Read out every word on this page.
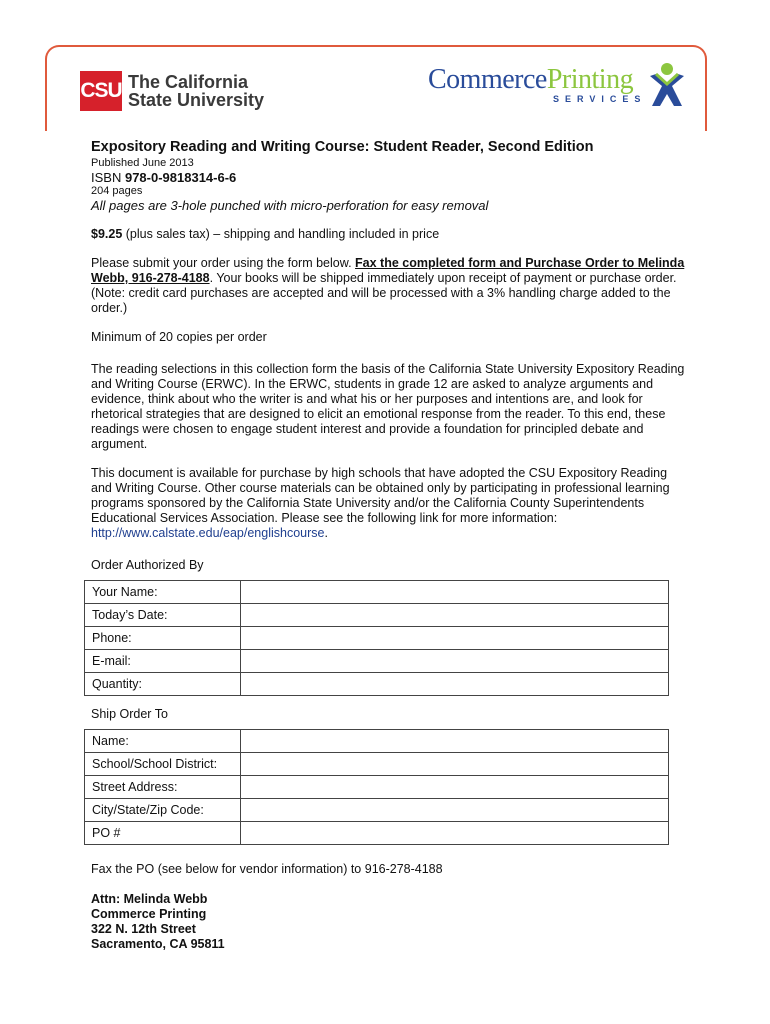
CSU The California
State University
CommercePrinting
SERVICES

Expository Reading and Writing Course: Student Reader, Second Edition

Published June 2013

ISBN 978-0-9818314-6-6

204 pages

All pages are 3-hole punched with micro-perforation for easy removal

$9.25 (plus sales tax) – shipping and handling included in price

Please submit your order using the form below. Fax the completed form and Purchase Order to Melinda Webb, 916-278-4188. Your books will be shipped immediately upon receipt of payment or purchase order. (Note: credit card purchases are accepted and will be processed with a 3% handling charge added to the order.)

Minimum of 20 copies per order

The reading selections in this collection form the basis of the California State University Expository Reading and Writing Course (ERWC). In the ERWC, students in grade 12 are asked to analyze arguments and evidence, think about who the writer is and what his or her purposes and intentions are, and look for rhetorical strategies that are designed to elicit an emotional response from the reader. To this end, these readings were chosen to engage student interest and provide a foundation for principled debate and argument.

This document is available for purchase by high schools that have adopted the CSU Expository Reading and Writing Course. Other course materials can be obtained only by participating in professional learning programs sponsored by the California State University and/or the California County Superintendents Educational Services Association. Please see the following link for more information:
http://www.calstate.edu/eap/englishcourse.

Order Authorized By

Your Name:	
Today’s Date:	
Phone:	
E-mail:	
Quantity:	

Ship Order To

Name:	
School/School District:	
Street Address:	
City/State/Zip Code:	
PO #	

Fax the PO (see below for vendor information) to 916-278-4188

Attn: Melinda Webb
Commerce Printing
322 N. 12th Street
Sacramento, CA 95811
